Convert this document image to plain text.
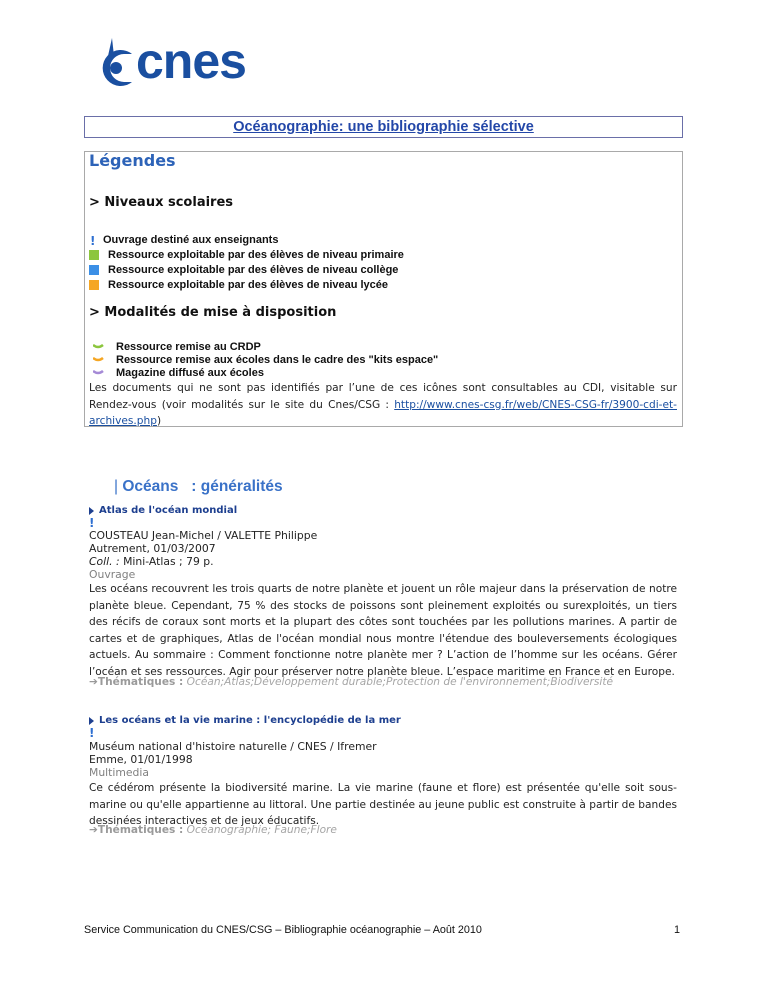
cnes
Océanographie: une bibliographie sélective
Légendes
> Niveaux scolaires
! Ouvrage destiné aux enseignants
Ressource exploitable par des élèves de niveau primaire
Ressource exploitable par des élèves de niveau collège
Ressource exploitable par des élèves de niveau lycée
> Modalités de mise à disposition
Ressource remise au CRDP
Ressource remise aux écoles dans le cadre des "kits espace"
Magazine diffusé aux écoles
Les documents qui ne sont pas identifiés par l’une de ces icônes sont consultables au CDI, visitable sur Rendez-vous (voir modalités sur le site du Cnes/CSG : http://www.cnes-csg.fr/web/CNES-CSG-fr/3900-cdi-et-archives.php)
| Océans : généralités
Atlas de l'océan mondial
!
COUSTEAU Jean-Michel / VALETTE Philippe
Autrement, 01/03/2007
Coll. : Mini-Atlas ; 79 p.
Ouvrage
Les océans recouvrent les trois quarts de notre planète et jouent un rôle majeur dans la préservation de notre planète bleue. Cependant, 75 % des stocks de poissons sont pleinement exploités ou surexploités, un tiers des récifs de coraux sont morts et la plupart des côtes sont touchées par les pollutions marines. A partir de cartes et de graphiques, Atlas de l'océan mondial nous montre l'étendue des bouleversements écologiques actuels. Au sommaire : Comment fonctionne notre planète mer ? L’action de l’homme sur les océans. Gérer l’océan et ses ressources. Agir pour préserver notre planète bleue. L’espace maritime en France et en Europe.
➔Thématiques : Océan;Atlas;Développement durable;Protection de l'environnement;Biodiversité
Les océans et la vie marine : l'encyclopédie de la mer
!
Muséum national d'histoire naturelle / CNES / Ifremer
Emme, 01/01/1998
Multimedia
Ce cédérom présente la biodiversité marine. La vie marine (faune et flore) est présentée qu'elle soit sous-marine ou qu'elle appartienne au littoral. Une partie destinée au jeune public est construite à partir de bandes dessinées interactives et de jeux éducatifs.
➔Thématiques : Océanographie; Faune;Flore
Service Communication du CNES/CSG – Bibliographie océanographie – Août 2010	1
